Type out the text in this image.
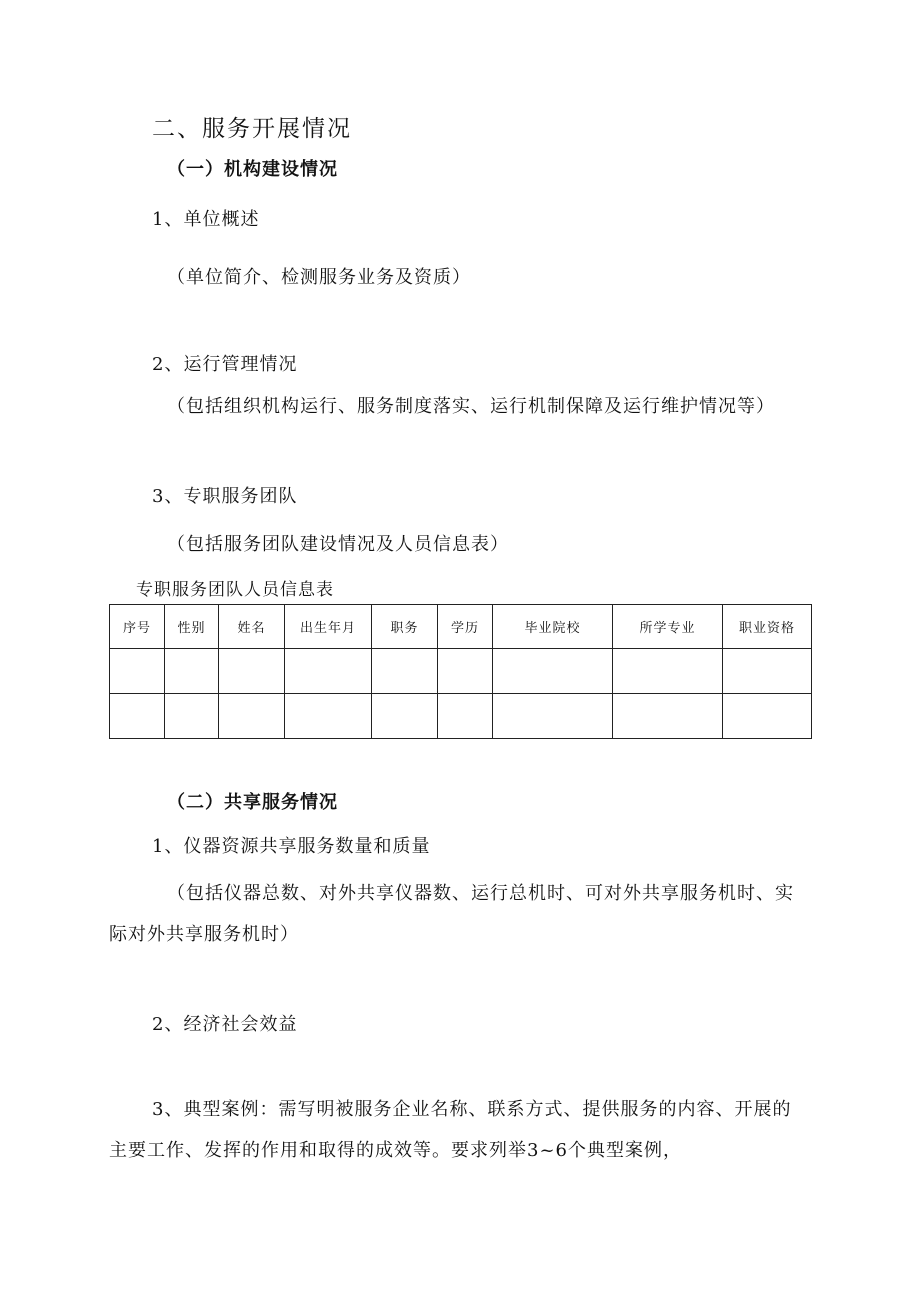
二、服务开展情况
（一）机构建设情况
1、单位概述
（单位简介、检测服务业务及资质）
2、运行管理情况
（包括组织机构运行、服务制度落实、运行机制保障及运行维护情况等）
3、专职服务团队
（包括服务团队建设情况及人员信息表）
专职服务团队人员信息表
序号	性别	姓名	出生年月	职务	学历	毕业院校	所学专业	职业资格

（二）共享服务情况
1、仪器资源共享服务数量和质量
（包括仪器总数、对外共享仪器数、运行总机时、可对外共享服务机时、实
际对外共享服务机时）
2、经济社会效益
3、典型案例：需写明被服务企业名称、联系方式、提供服务的内容、开展的
主要工作、发挥的作用和取得的成效等。要求列举3~6个典型案例，
